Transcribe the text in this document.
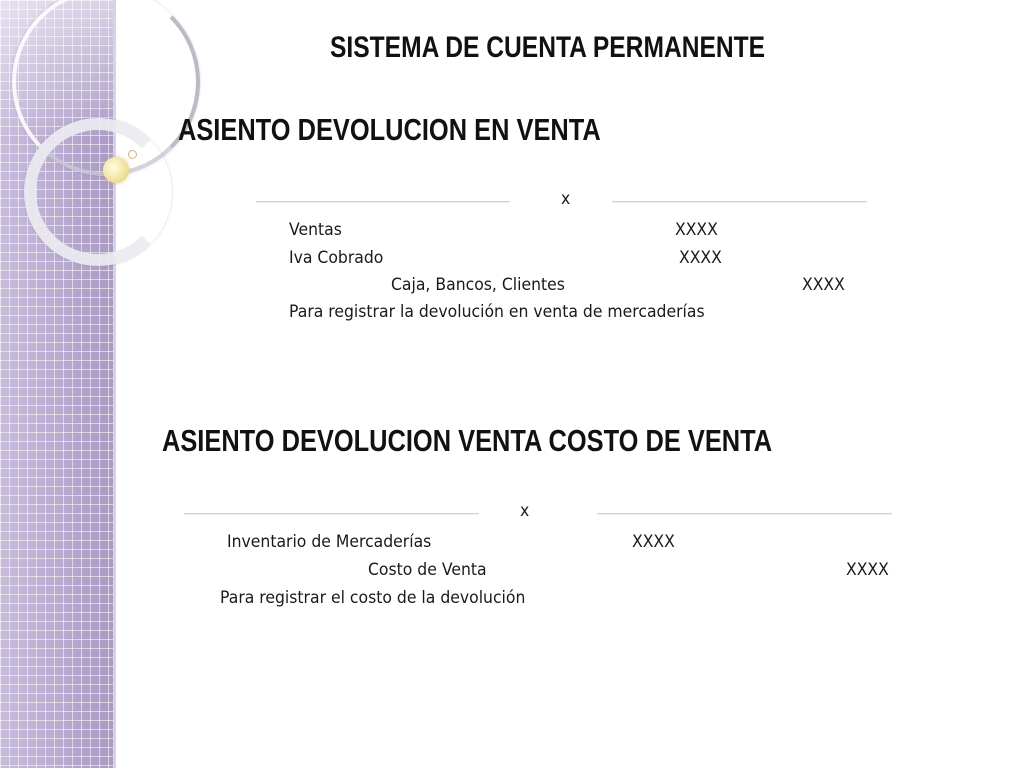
SISTEMA DE CUENTA PERMANENTE
ASIENTO DEVOLUCION EN VENTA
x
Ventas	XXXX
Iva Cobrado	XXXX
Caja, Bancos, Clientes	XXXX
Para registrar la devolución en venta de mercaderías
ASIENTO DEVOLUCION VENTA COSTO DE VENTA
x
Inventario de Mercaderías	XXXX
Costo de Venta	XXXX
Para registrar el costo de la devolución
